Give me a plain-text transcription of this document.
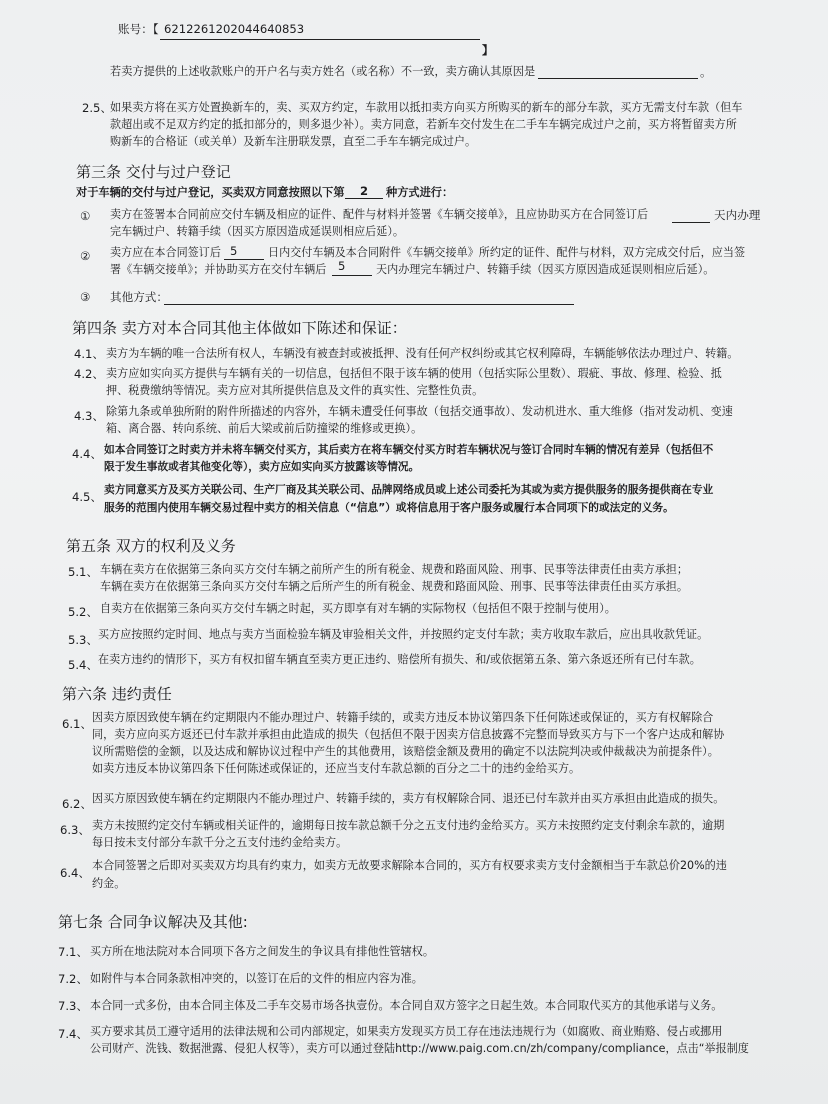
账号：【 6212261202044640853
】
若卖方提供的上述收款账户的开户名与卖方姓名（或名称）不一致，卖方确认其原因是	。
2.5、
如果卖方将在买方处置换新车的，卖、买双方约定，车款用以抵扣卖方向买方所购买的新车的部分车款，买方无需支付车款（但车
款超出或不足双方约定的抵扣部分的，则多退少补）。卖方同意，若新车交付发生在二手车车辆完成过户之前，买方将暂留卖方所
购新车的合格证（或关单）及新车注册联发票，直至二手车车辆完成过户。
第三条 交付与过户登记
对于车辆的交付与过户登记，买卖双方同意按照以下第 2 种方式进行：
① 卖方在签署本合同前应交付车辆及相应的证件、配件与材料并签署《车辆交接单》，且应协助买方在合同签订后	天内办理
完车辆过户、转籍手续（因买方原因造成延误则相应后延）。
② 卖方应在本合同签订后 5	日内交付车辆及本合同附件《车辆交接单》所约定的证件、配件与材料，双方完成交付后，应当签
署《车辆交接单》；并协助买方在交付车辆后 5	天内办理完车辆过户、转籍手续（因买方原因造成延误则相应后延）。
③ 其他方式：
第四条 卖方对本合同其他主体做如下陈述和保证：
4.1、 卖方为车辆的唯一合法所有权人，车辆没有被查封或被抵押、没有任何产权纠纷或其它权利障碍，车辆能够依法办理过户、转籍。
4.2、 卖方应如实向买方提供与车辆有关的一切信息，包括但不限于该车辆的使用（包括实际公里数）、瑕疵、事故、修理、检验、抵
押、税费缴纳等情况。卖方应对其所提供信息及文件的真实性、完整性负责。
4.3、 除第九条或单独所附的附件所描述的内容外，车辆未遭受任何事故（包括交通事故）、发动机进水、重大维修（指对发动机、变速
箱、离合器、转向系统、前后大梁或前后防撞梁的维修或更换）。
4.4、 如本合同签订之时卖方并未将车辆交付买方，其后卖方在将车辆交付买方时若车辆状况与签订合同时车辆的情况有差异（包括但不
限于发生事故或者其他变化等），卖方应如实向买方披露该等情况。
4.5、
卖方同意买方及买方关联公司、生产厂商及其关联公司、品牌网络成员或上述公司委托为其或为卖方提供服务的服务提供商在专业
服务的范围内使用车辆交易过程中卖方的相关信息（“信息”）或将信息用于客户服务或履行本合同项下的或法定的义务。
第五条 双方的权利及义务
5.1、 车辆在卖方在依据第三条向买方交付车辆之前所产生的所有税金、规费和路面风险、刑事、民事等法律责任由卖方承担；
车辆在卖方在依据第三条向买方交付车辆之后所产生的所有税金、规费和路面风险、刑事、民事等法律责任由买方承担。
5.2、 自卖方在依据第三条向买方交付车辆之时起，买方即享有对车辆的实际物权（包括但不限于控制与使用）。
5.3、 买方应按照约定时间、地点与卖方当面检验车辆及审验相关文件，并按照约定支付车款；卖方收取车款后，应出具收款凭证。
5.4、 在卖方违约的情形下，买方有权扣留车辆直至卖方更正违约、赔偿所有损失、和/或依据第五条、第六条返还所有已付车款。
第六条 违约责任
6.1、 因卖方原因致使车辆在约定期限内不能办理过户、转籍手续的，或卖方违反本协议第四条下任何陈述或保证的，买方有权解除合
同，卖方应向买方返还已付车款并承担由此造成的损失（包括但不限于因卖方信息披露不完整而导致买方与下一个客户达成和解协
议所需赔偿的金额，以及达成和解协议过程中产生的其他费用，该赔偿金额及费用的确定不以法院判决或仲裁裁决为前提条件）。
如卖方违反本协议第四条下任何陈述或保证的，还应当支付车款总额的百分之二十的违约金给买方。
6.2、 因买方原因致使车辆在约定期限内不能办理过户、转籍手续的，卖方有权解除合同、退还已付车款并由买方承担由此造成的损失。
6.3、 卖方未按照约定交付车辆或相关证件的，逾期每日按车款总额千分之五支付违约金给买方。买方未按照约定支付剩余车款的，逾期
每日按未支付部分车款千分之五支付违约金给卖方。
6.4、
本合同签署之后即对买卖双方均具有约束力，如卖方无故要求解除本合同的，买方有权要求卖方支付金额相当于车款总价20%的违
约金。
第七条 合同争议解决及其他:
7.1、 买方所在地法院对本合同项下各方之间发生的争议具有排他性管辖权。
7.2、 如附件与本合同条款相冲突的，以签订在后的文件的相应内容为准。
7.3、 本合同一式多份，由本合同主体及二手车交易市场各执壹份。本合同自双方签字之日起生效。本合同取代买方的其他承诺与义务。
7.4、 买方要求其员工遵守适用的法律法规和公司内部规定，如果卖方发现买方员工存在违法违规行为（如腐败、商业贿赂、侵占或挪用
公司财产、洗钱、数据泄露、侵犯人权等），卖方可以通过登陆http://www.paig.com.cn/zh/company/compliance，点击“举报制度
